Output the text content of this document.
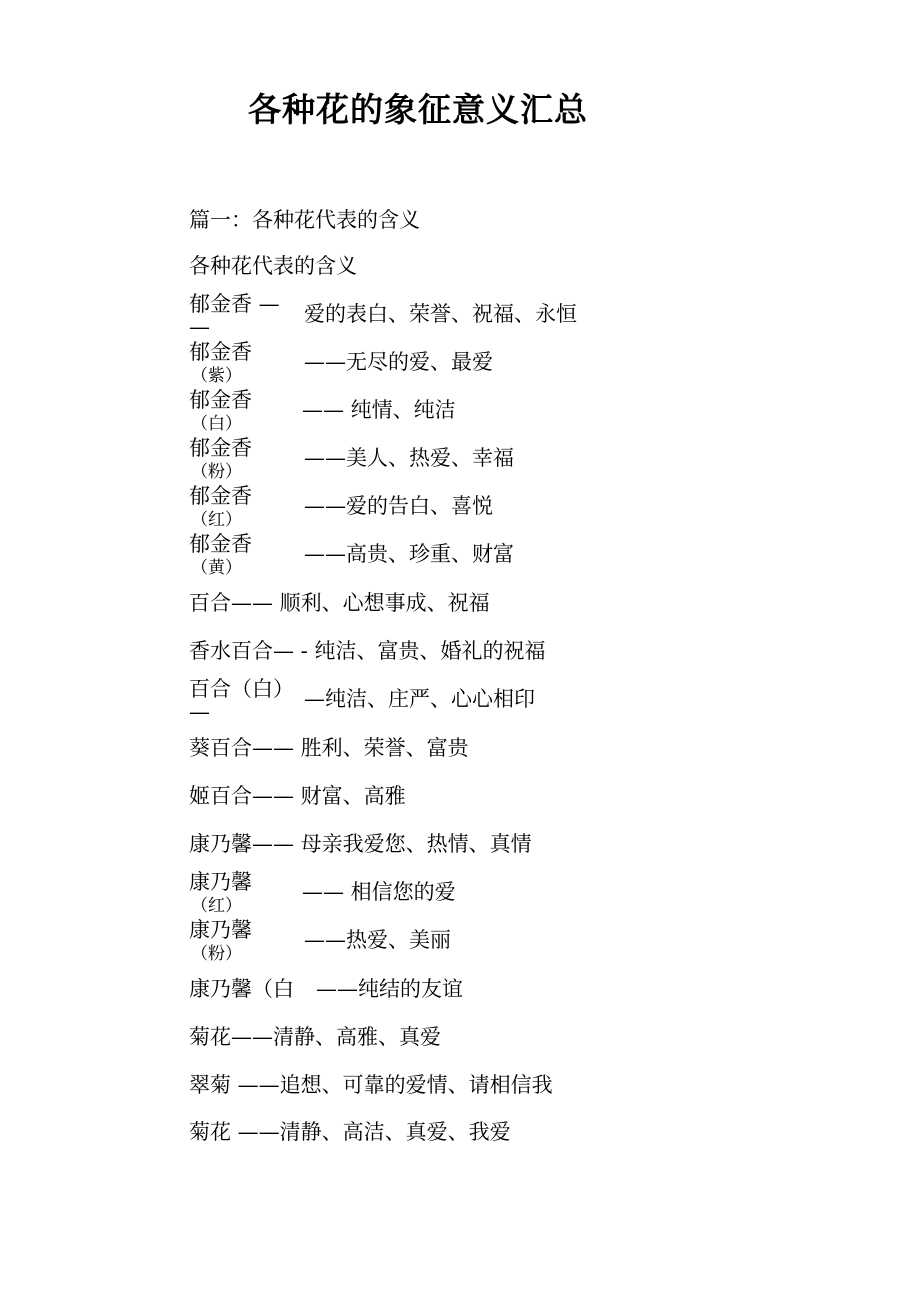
各种花的象征意义汇总
篇一：各种花代表的含义
各种花代表的含义
郁金香 —
—
爱的表白、荣誉、祝福、永恒
郁金香
（紫）
——无尽的爱、最爱
郁金香
（白）
—— 纯情、纯洁
郁金香
（粉）
——美人、热爱、幸福
郁金香
（红）
——爱的告白、喜悦
郁金香
（黄）
——高贵、珍重、财富
百合—— 顺利、心想事成、祝福
香水百合— - 纯洁、富贵、婚礼的祝福
百合（白）
—
—纯洁、庄严、心心相印
葵百合—— 胜利、荣誉、富贵
姬百合—— 财富、高雅
康乃馨—— 母亲我爱您、热情、真情
康乃馨
（红）
—— 相信您的爱
康乃馨
（粉）
——热爱、美丽
康乃馨（白 ——纯结的友谊
菊花——清静、高雅、真爱
翠菊 ——追想、可靠的爱情、请相信我
菊花 ——清静、高洁、真爱、我爱
